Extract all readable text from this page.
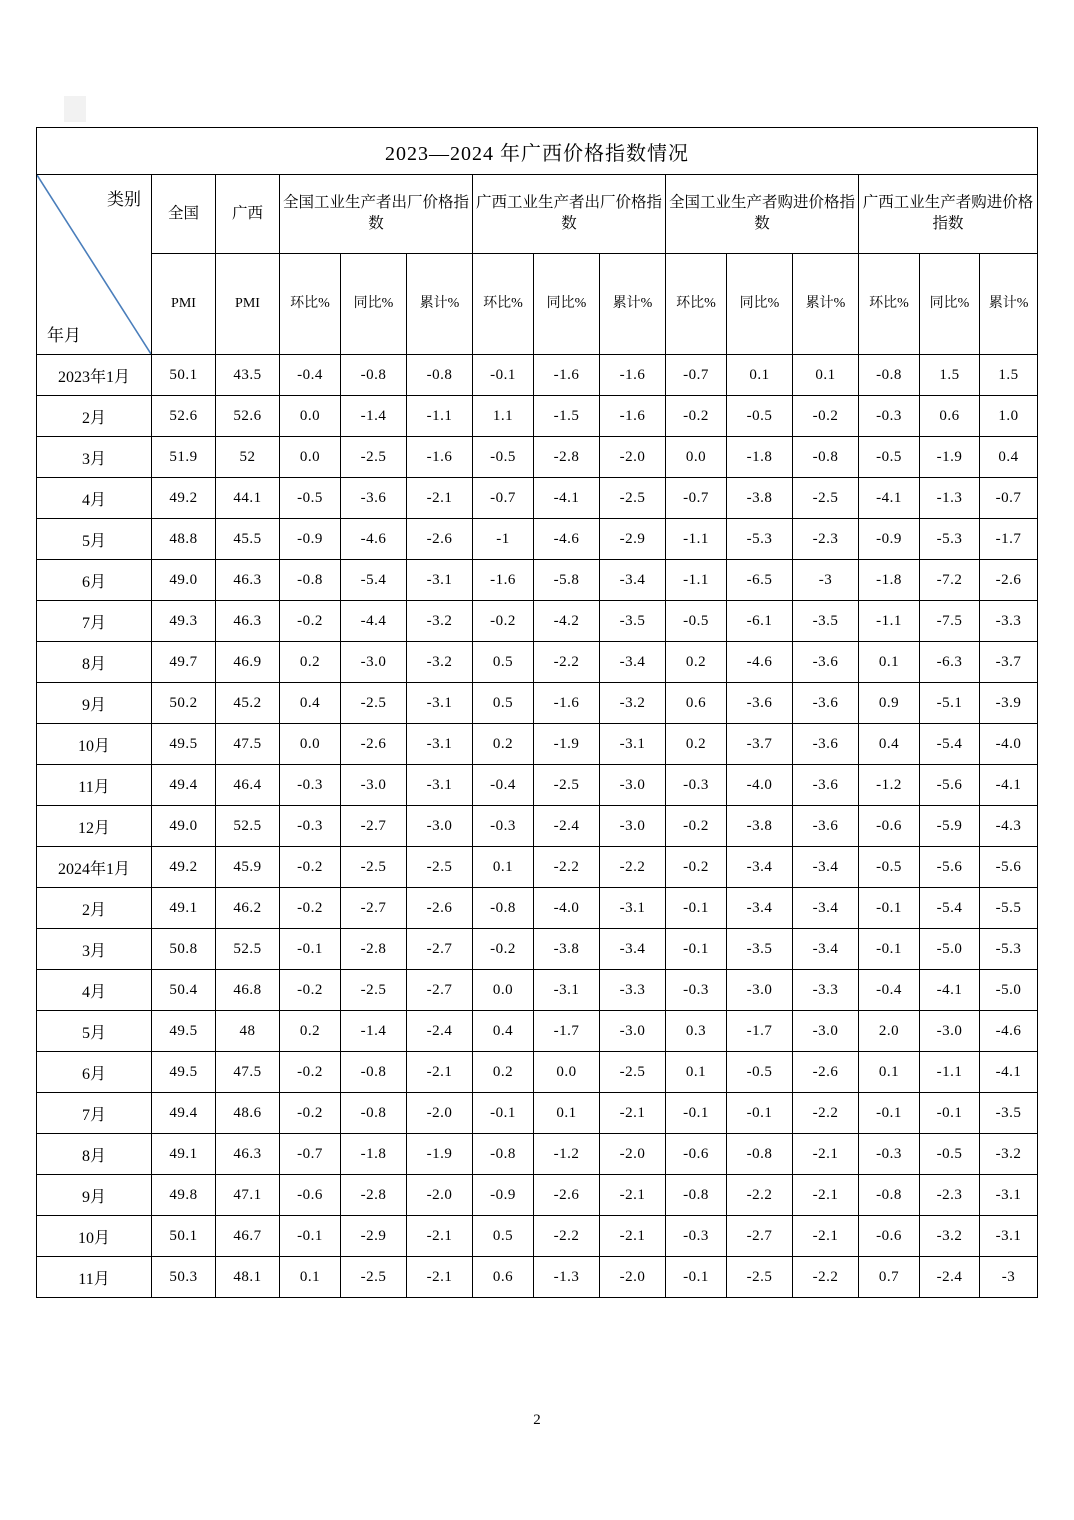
2023—2024 年广西价格指数情况														

类别
年月	全国	广西	全国工业生产者出厂价格指数			广西工业生产者出厂价格指数			全国工业生产者购进价格指数			广西工业生产者购进价格指数		
	PMI	PMI	环比%	同比%	累计%	环比%	同比%	累计%	环比%	同比%	累计%	环比%	同比%	累计%
2023年1月	50.1	43.5	-0.4	-0.8	-0.8	-0.1	-1.6	-1.6	-0.7	0.1	0.1	-0.8	1.5	1.5
2月	52.6	52.6	0.0	-1.4	-1.1	1.1	-1.5	-1.6	-0.2	-0.5	-0.2	-0.3	0.6	1.0
3月	51.9	52	0.0	-2.5	-1.6	-0.5	-2.8	-2.0	0.0	-1.8	-0.8	-0.5	-1.9	0.4
4月	49.2	44.1	-0.5	-3.6	-2.1	-0.7	-4.1	-2.5	-0.7	-3.8	-2.5	-4.1	-1.3	-0.7
5月	48.8	45.5	-0.9	-4.6	-2.6	-1	-4.6	-2.9	-1.1	-5.3	-2.3	-0.9	-5.3	-1.7
6月	49.0	46.3	-0.8	-5.4	-3.1	-1.6	-5.8	-3.4	-1.1	-6.5	-3	-1.8	-7.2	-2.6
7月	49.3	46.3	-0.2	-4.4	-3.2	-0.2	-4.2	-3.5	-0.5	-6.1	-3.5	-1.1	-7.5	-3.3
8月	49.7	46.9	0.2	-3.0	-3.2	0.5	-2.2	-3.4	0.2	-4.6	-3.6	0.1	-6.3	-3.7
9月	50.2	45.2	0.4	-2.5	-3.1	0.5	-1.6	-3.2	0.6	-3.6	-3.6	0.9	-5.1	-3.9
10月	49.5	47.5	0.0	-2.6	-3.1	0.2	-1.9	-3.1	0.2	-3.7	-3.6	0.4	-5.4	-4.0
11月	49.4	46.4	-0.3	-3.0	-3.1	-0.4	-2.5	-3.0	-0.3	-4.0	-3.6	-1.2	-5.6	-4.1
12月	49.0	52.5	-0.3	-2.7	-3.0	-0.3	-2.4	-3.0	-0.2	-3.8	-3.6	-0.6	-5.9	-4.3
2024年1月	49.2	45.9	-0.2	-2.5	-2.5	0.1	-2.2	-2.2	-0.2	-3.4	-3.4	-0.5	-5.6	-5.6
2月	49.1	46.2	-0.2	-2.7	-2.6	-0.8	-4.0	-3.1	-0.1	-3.4	-3.4	-0.1	-5.4	-5.5
3月	50.8	52.5	-0.1	-2.8	-2.7	-0.2	-3.8	-3.4	-0.1	-3.5	-3.4	-0.1	-5.0	-5.3
4月	50.4	46.8	-0.2	-2.5	-2.7	0.0	-3.1	-3.3	-0.3	-3.0	-3.3	-0.4	-4.1	-5.0
5月	49.5	48	0.2	-1.4	-2.4	0.4	-1.7	-3.0	0.3	-1.7	-3.0	2.0	-3.0	-4.6
6月	49.5	47.5	-0.2	-0.8	-2.1	0.2	0.0	-2.5	0.1	-0.5	-2.6	0.1	-1.1	-4.1
7月	49.4	48.6	-0.2	-0.8	-2.0	-0.1	0.1	-2.1	-0.1	-0.1	-2.2	-0.1	-0.1	-3.5
8月	49.1	46.3	-0.7	-1.8	-1.9	-0.8	-1.2	-2.0	-0.6	-0.8	-2.1	-0.3	-0.5	-3.2
9月	49.8	47.1	-0.6	-2.8	-2.0	-0.9	-2.6	-2.1	-0.8	-2.2	-2.1	-0.8	-2.3	-3.1
10月	50.1	46.7	-0.1	-2.9	-2.1	0.5	-2.2	-2.1	-0.3	-2.7	-2.1	-0.6	-3.2	-3.1
11月	50.3	48.1	0.1	-2.5	-2.1	0.6	-1.3	-2.0	-0.1	-2.5	-2.2	0.7	-2.4	-3
2
